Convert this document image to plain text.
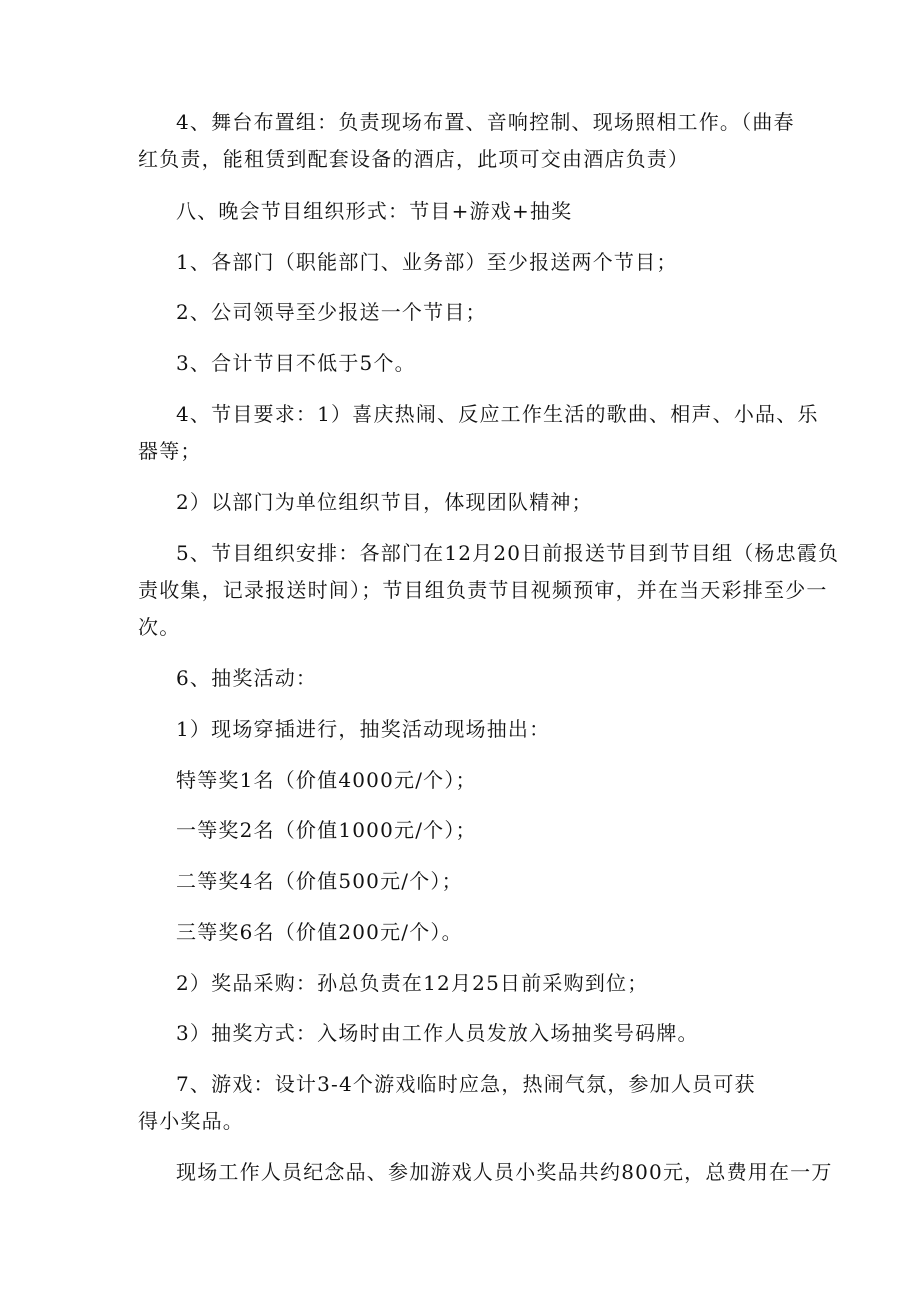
4、舞台布置组：负责现场布置、音响控制、现场照相工作。（曲春
红负责，能租赁到配套设备的酒店，此项可交由酒店负责）
八、晚会节目组织形式：节目+游戏+抽奖
1、各部门（职能部门、业务部）至少报送两个节目；
2、公司领导至少报送一个节目；
3、合计节目不低于5个。
4、节目要求：1）喜庆热闹、反应工作生活的歌曲、相声、小品、乐
器等；
2）以部门为单位组织节目，体现团队精神；
5、节目组织安排：各部门在12月20日前报送节目到节目组（杨忠霞负
责收集，记录报送时间）；节目组负责节目视频预审，并在当天彩排至少一
次。
6、抽奖活动：
1）现场穿插进行，抽奖活动现场抽出：
特等奖1名（价值4000元/个）；
一等奖2名（价值1000元/个）；
二等奖4名（价值500元/个）；
三等奖6名（价值200元/个）。
2）奖品采购：孙总负责在12月25日前采购到位；
3）抽奖方式：入场时由工作人员发放入场抽奖号码牌。
7、游戏：设计3-4个游戏临时应急，热闹气氛，参加人员可获
得小奖品。
现场工作人员纪念品、参加游戏人员小奖品共约800元，总费用在一万
